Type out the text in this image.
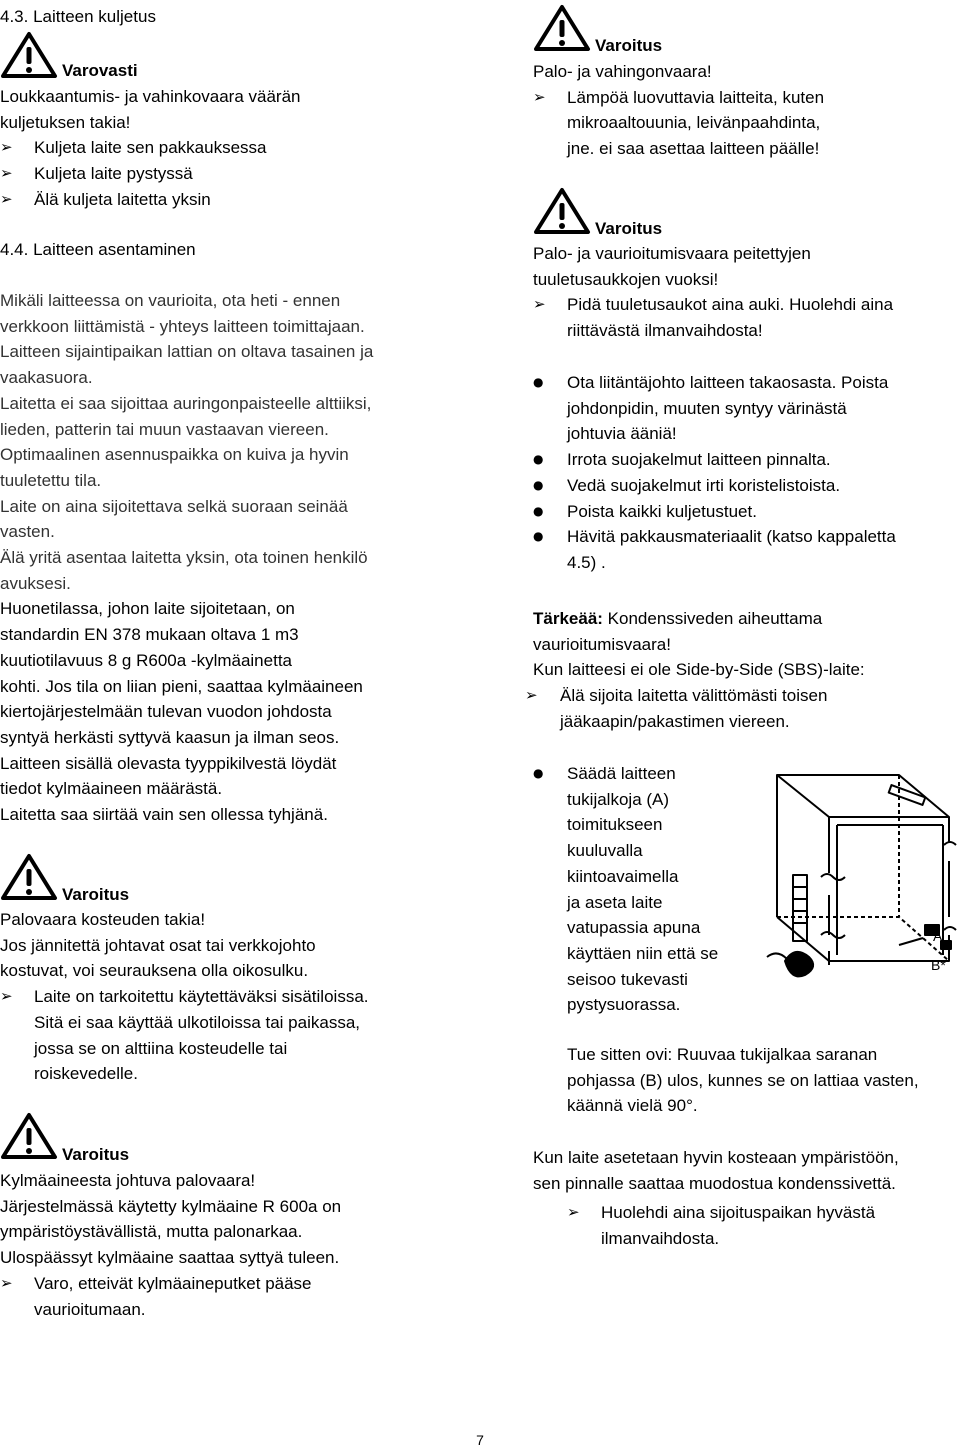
4.3. Laitteen kuljetus
Varovasti
Loukkaantumis- ja vahinkovaara väärän
kuljetuksen takia!
➢ Kuljeta laite sen pakkauksessa
➢ Kuljeta laite pystyssä
➢ Älä kuljeta laitetta yksin
4.4. Laitteen asentaminen
Mikäli laitteessa on vaurioita, ota heti - ennen
verkkoon liittämistä - yhteys laitteen toimittajaan.
Laitteen sijaintipaikan lattian on oltava tasainen ja
vaakasuora.
Laitetta ei saa sijoittaa auringonpaisteelle alttiiksi,
lieden, patterin tai muun vastaavan viereen.
Optimaalinen asennuspaikka on kuiva ja hyvin
tuuletettu tila.
Laite on aina sijoitettava selkä suoraan seinää
vasten.
Älä yritä asentaa laitetta yksin, ota toinen henkilö
avuksesi.
Huonetilassa, johon laite sijoitetaan, on
standardin EN 378 mukaan oltava 1 m3
kuutiotilavuus 8 g R600a -kylmäainetta
kohti. Jos tila on liian pieni, saattaa kylmäaineen
kiertojärjestelmään tulevan vuodon johdosta
syntyä herkästi syttyvä kaasun ja ilman seos.
Laitteen sisällä olevasta tyyppikilvestä löydät
tiedot kylmäaineen määrästä.
Laitetta saa siirtää vain sen ollessa tyhjänä.
Varoitus
Palovaara kosteuden takia!
Jos jännitettä johtavat osat tai verkkojohto
kostuvat, voi seurauksena olla oikosulku.
➢ Laite on tarkoitettu käytettäväksi sisätiloissa.
Sitä ei saa käyttää ulkotiloissa tai paikassa,
jossa se on alttiina kosteudelle tai
roiskevedelle.
Varoitus
Kylmäaineesta johtuva palovaara!
Järjestelmässä käytetty kylmäaine R 600a on
ympäristöystävällistä, mutta palonarkaa.
Ulospäässyt kylmäaine saattaa syttyä tuleen.
➢ Varo, etteivät kylmäaineputket pääse
vaurioitumaan.
Varoitus
Palo- ja vahingonvaara!
➢ Lämpöä luovuttavia laitteita, kuten
mikroaaltouunia, leivänpaahdinta,
jne. ei saa asettaa laitteen päälle!
Varoitus
Palo- ja vaurioitumisvaara peitettyjen
tuuletusaukkojen vuoksi!
➢ Pidä tuuletusaukot aina auki. Huolehdi aina
riittävästä ilmanvaihdosta!
● Ota liitäntäjohto laitteen takaosasta. Poista
johdonpidin, muuten syntyy värinästä
johtuvia ääniä!
● Irrota suojakelmut laitteen pinnalta.
● Vedä suojakelmut irti koristelistoista.
● Poista kaikki kuljetustuet.
● Hävitä pakkausmateriaalit (katso kappaletta
4.5) .
Tärkeää: Kondenssiveden aiheuttama
vaurioitumisvaara!
Kun laitteesi ei ole Side-by-Side (SBS)-laite:
➢ Älä sijoita laitetta välittömästi toisen
jääkaapin/pakastimen viereen.
● Säädä laitteen
tukijalkoja (A)
toimitukseen
kuuluvalla
kiintoavaimella
ja aseta laite
vatupassia apuna
käyttäen niin että se
seisoo tukevasti
pystysuorassa.
A
B*
Tue sitten ovi: Ruuvaa tukijalkaa saranan
pohjassa (B) ulos, kunnes se on lattiaa vasten,
käännä vielä 90°.
Kun laite asetetaan hyvin kosteaan ympäristöön,
sen pinnalle saattaa muodostua kondenssivettä.
➢ Huolehdi aina sijoituspaikan hyvästä
ilmanvaihdosta.
7
